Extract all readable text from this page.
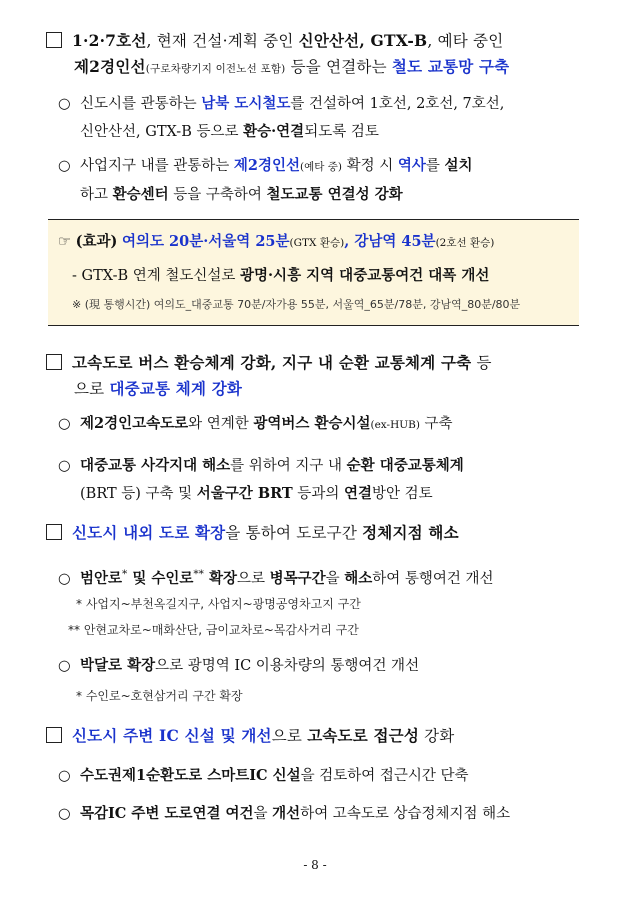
1·2·7호선, 현재 건설·계획 중인 신안산선, GTX-B, 예타 중인
제2경인선(구로차량기지 이전노선 포함) 등을 연결하는 철도 교통망 구축
○ 신도시를 관통하는 남북 도시철도를 건설하여 1호선, 2호선, 7호선,
신안산선, GTX-B 등으로 환승·연결되도록 검토
○ 사업지구 내를 관통하는 제2경인선(예타 중) 확정 시 역사를 설치
하고 환승센터 등을 구축하여 철도교통 연결성 강화
☞ (효과) 여의도 20분·서울역 25분(GTX 환승), 강남역 45분(2호선 환승)
- GTX-B 연계 철도신설로 광명·시흥 지역 대중교통여건 대폭 개선
※ (現 통행시간) 여의도_대중교통 70분/자가용 55분, 서울역_65분/78분, 강남역_80분/80분
고속도로 버스 환승체계 강화, 지구 내 순환 교통체계 구축 등
으로 대중교통 체계 강화
○ 제2경인고속도로와 연계한 광역버스 환승시설(ex-HUB) 구축
○ 대중교통 사각지대 해소를 위하여 지구 내 순환 대중교통체계
(BRT 등) 구축 및 서울구간 BRT 등과의 연결방안 검토
신도시 내외 도로 확장을 통하여 도로구간 정체지점 해소
○ 범안로* 및 수인로** 확장으로 병목구간을 해소하여 통행여건 개선
* 사업지~부천옥길지구, 사업지~광명공영차고지 구간
** 안현교차로~매화산단, 금이교차로~목감사거리 구간
○ 박달로 확장으로 광명역 IC 이용차량의 통행여건 개선
* 수인로~호현삼거리 구간 확장
신도시 주변 IC 신설 및 개선으로 고속도로 접근성 강화
○ 수도권제1순환도로 스마트IC 신설을 검토하여 접근시간 단축
○ 목감IC 주변 도로연결 여건을 개선하여 고속도로 상습정체지점 해소
- 8 -
